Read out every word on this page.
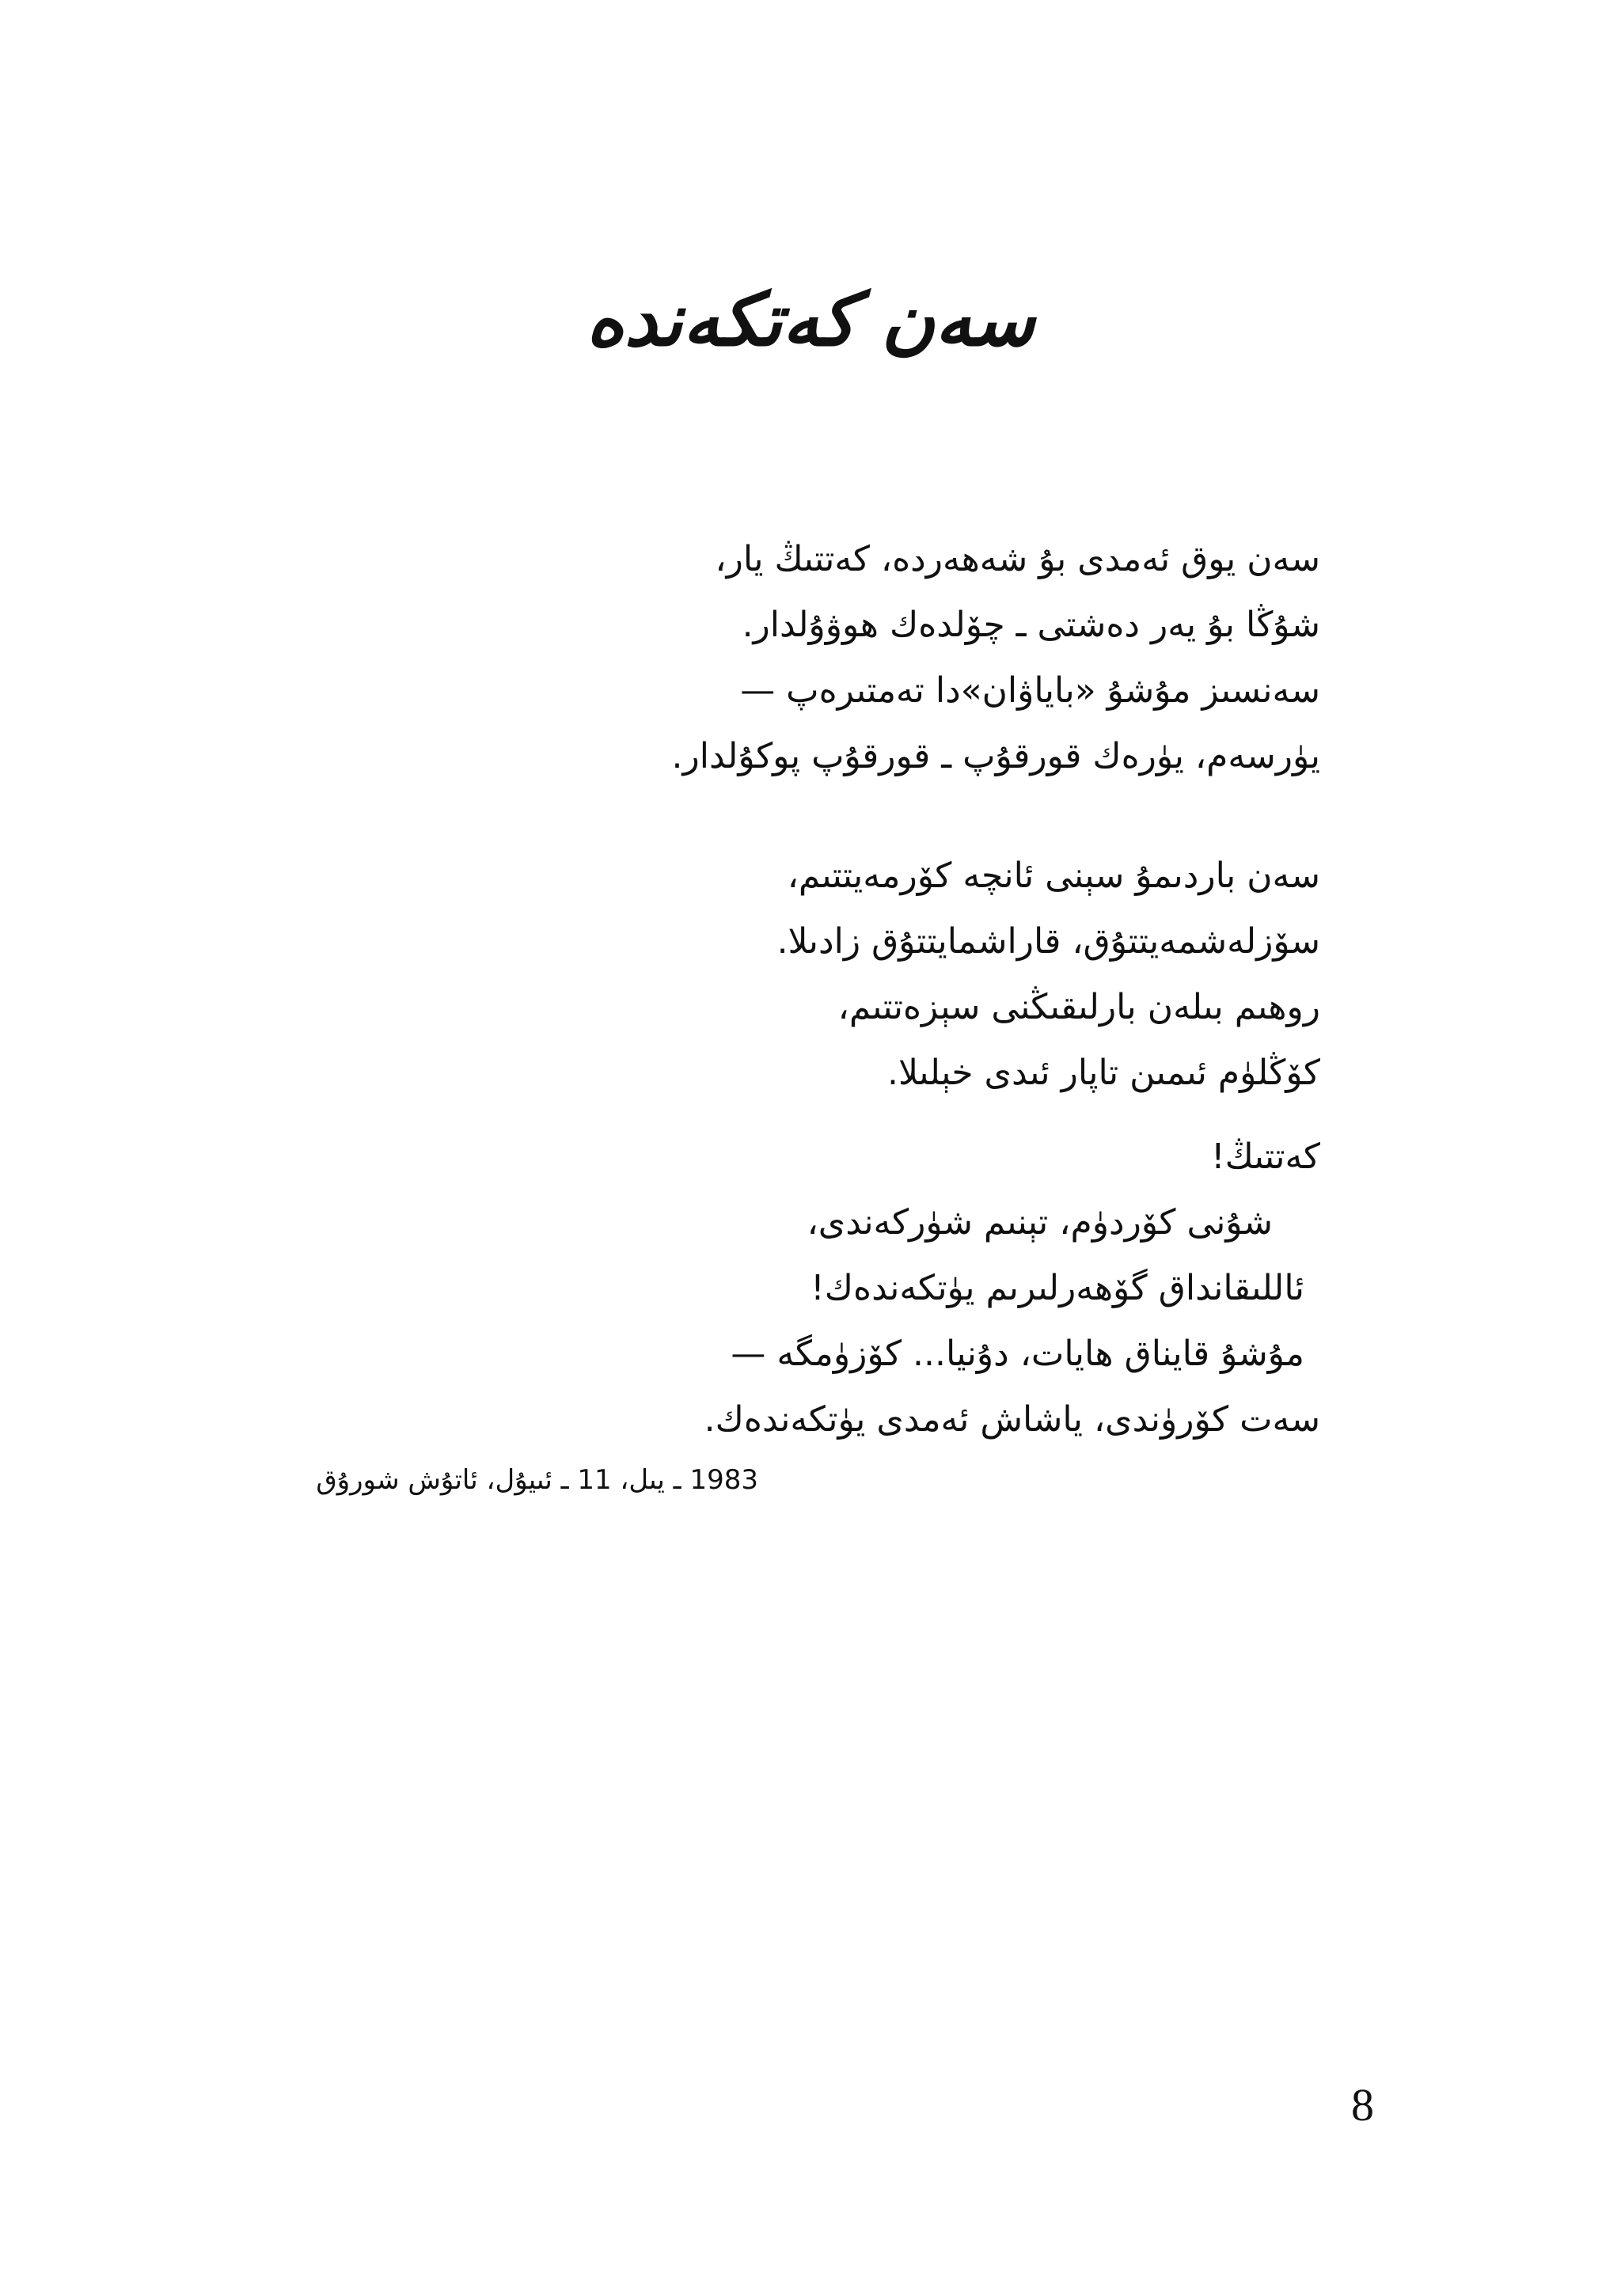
سەن كەتكەندە
سەن يوق ئەمدى بۇ شەھەردە، كەتتىڭ يار،
شۇڭا بۇ يەر دەشتى ـ چۆلدەك ھوۋۇلدار.
سەنسىز مۇشۇ «باياۋان»دا تەمتىرەپ —
يۈرسەم، يۈرەك قورقۇپ ـ قورقۇپ پوكۇلدار.
سەن باردىمۇ سېنى ئانچە كۆرمەيتتىم،
سۆزلەشمەيتتۇق، قاراشمايتتۇق زادىلا.
روھىم بىلەن بارلىقىڭنى سېزەتتىم،
كۆڭلۈم ئىمىن تاپار ئىدى خېلىلا.
كەتتىڭ!
شۇنى كۆردۈم، تېنىم شۈركەندى،
ئاللىقانداق گۆھەرلىرىم يۈتكەندەك!
مۇشۇ قايناق ھايات، دۇنيا... كۆزۈمگە —
سەت كۆرۈندى، ياشاش ئەمدى يۈتكەندەك.
1983 ـ يىل، 11 ـ ئىيۇل، ئاتۇش شورۇق
8
